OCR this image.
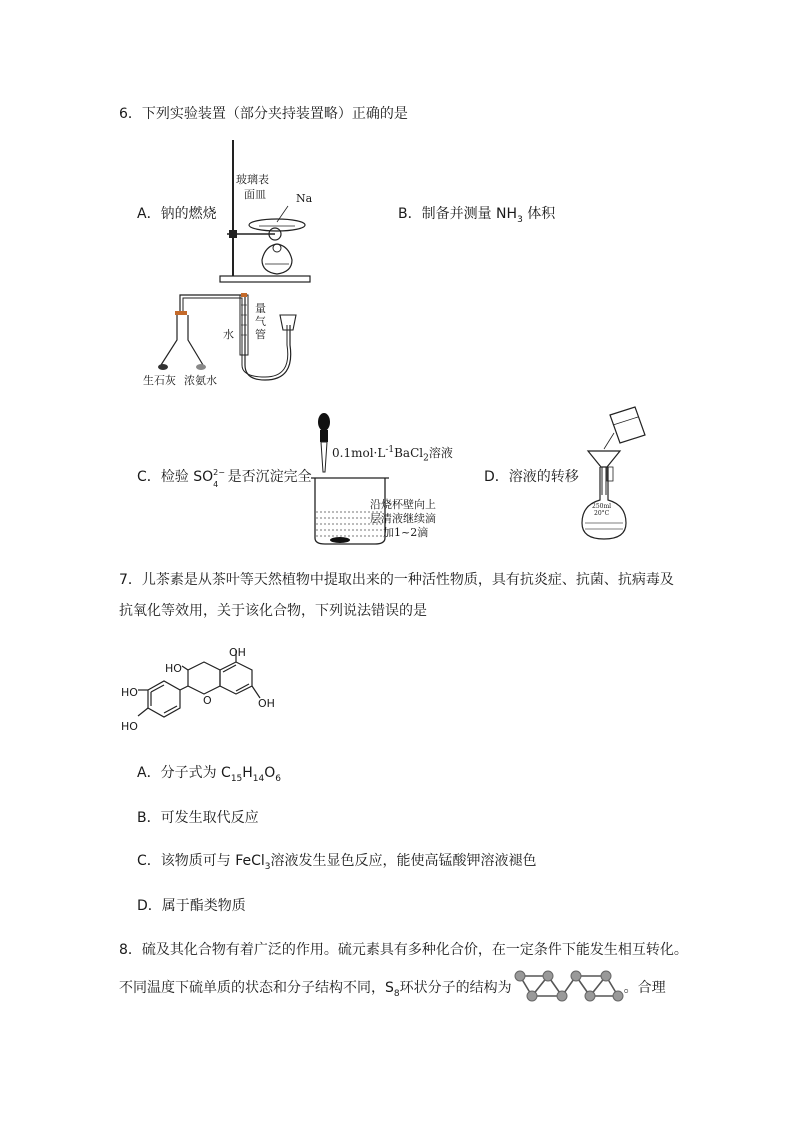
6．下列实验装置（部分夹持装置略）正确的是
A．钠的燃烧	B．制备并测量 $NH_3$ 体积
玻璃表
面皿	Na
量
气
管
水
生石灰 浓氨水
C．检验 SO 2−
4 是否沉淀完全	D．溶液的转移
$0.1mol\cdot L^{-1}BaCl_2$溶液
沿烧杯壁向上
层清液继续滴
加1~2滴
250ml
20°C
7．儿茶素是从茶叶等天然植物中提取出来的一种活性物质，具有抗炎症、抗菌、抗病毒及
抗氧化等效用，关于该化合物，下列说法错误的是
HO
OH
HO
HO
O	OH
A．分子式为 $C_{15}H_{14}O_6$
B．可发生取代反应
C．该物质可与 FeCl$_3$溶液发生显色反应，能使高锰酸钾溶液褪色
D．属于酯类物质
8．硫及其化合物有着广泛的作用。硫元素具有多种化合价，在一定条件下能发生相互转化。
不同温度下硫单质的状态和分子结构不同，$S_8$环状分子的结构为	。合理
